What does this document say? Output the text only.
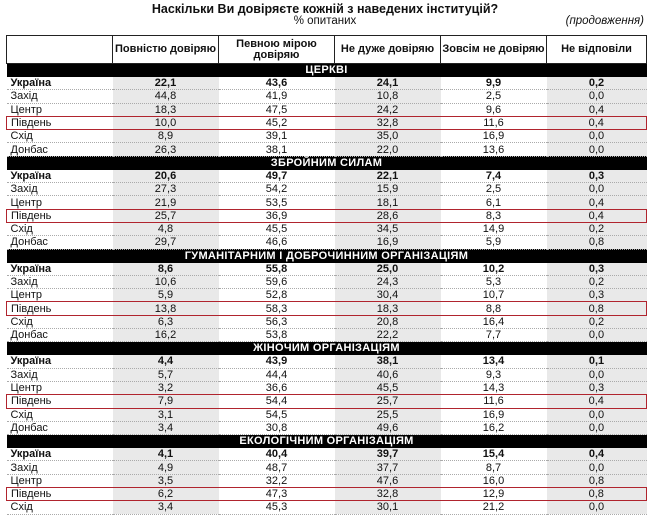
Наскільки Ви довіряєте кожній з наведених інституцій?
% опитаних	(продовження)
	Повністю довіряю	Певною мірою довіряю	Не дуже довіряю	Зовсім не довіряю	Не відповіли
ЦЕРКВІ					
Україна	22,1	43,6	24,1	9,9	0,2
Захід	44,8	41,9	10,8	2,5	0,0
Центр	18,3	47,5	24,2	9,6	0,4
Південь	10,0	45,2	32,8	11,6	0,4
Схід	8,9	39,1	35,0	16,9	0,0
Донбас	26,3	38,1	22,0	13,6	0,0
ЗБРОЙНИМ СИЛАМ					
Україна	20,6	49,7	22,1	7,4	0,3
Захід	27,3	54,2	15,9	2,5	0,0
Центр	21,9	53,5	18,1	6,1	0,4
Південь	25,7	36,9	28,6	8,3	0,4
Схід	4,8	45,5	34,5	14,9	0,2
Донбас	29,7	46,6	16,9	5,9	0,8
ГУМАНІТАРНИМ І ДОБРОЧИННИМ ОРГАНІЗАЦІЯМ					
Україна	8,6	55,8	25,0	10,2	0,3
Захід	10,6	59,6	24,3	5,3	0,2
Центр	5,9	52,8	30,4	10,7	0,3
Південь	13,8	58,3	18,3	8,8	0,8
Схід	6,3	56,3	20,8	16,4	0,2
Донбас	16,2	53,8	22,2	7,7	0,0
ЖІНОЧИМ ОРГАНІЗАЦІЯМ					
Україна	4,4	43,9	38,1	13,4	0,1
Захід	5,7	44,4	40,6	9,3	0,0
Центр	3,2	36,6	45,5	14,3	0,3
Південь	7,9	54,4	25,7	11,6	0,4
Схід	3,1	54,5	25,5	16,9	0,0
Донбас	3,4	30,8	49,6	16,2	0,0
ЕКОЛОГІЧНИМ ОРГАНІЗАЦІЯМ					
Україна	4,1	40,4	39,7	15,4	0,4
Захід	4,9	48,7	37,7	8,7	0,0
Центр	3,5	32,2	47,6	16,0	0,8
Південь	6,2	47,3	32,8	12,9	0,8
Схід	3,4	45,3	30,1	21,2	0,0
